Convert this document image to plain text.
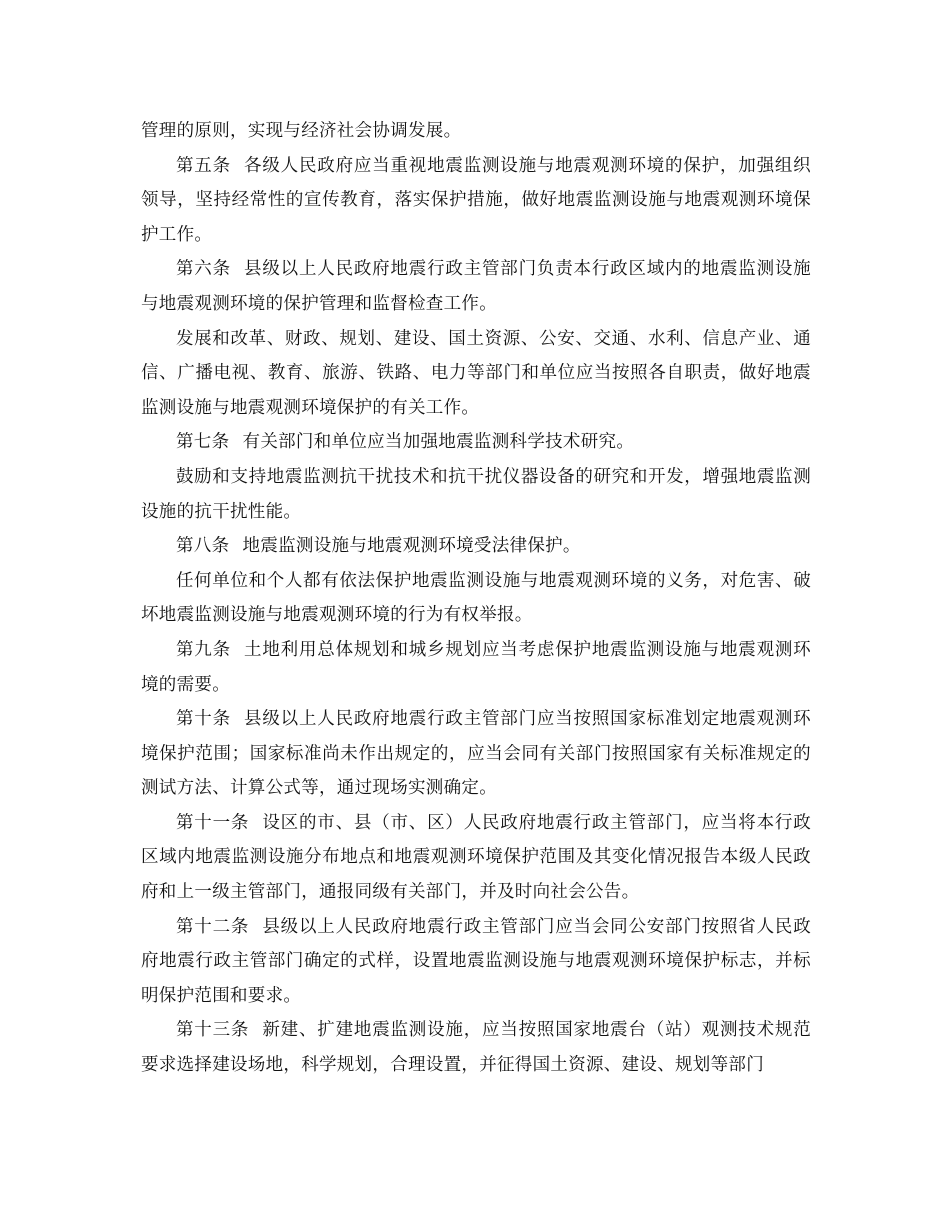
管理的原则，实现与经济社会协调发展。

第五条 各级人民政府应当重视地震监测设施与地震观测环境的保护，加强组织领导，坚持经常性的宣传教育，落实保护措施，做好地震监测设施与地震观测环境保护工作。

第六条 县级以上人民政府地震行政主管部门负责本行政区域内的地震监测设施与地震观测环境的保护管理和监督检查工作。

发展和改革、财政、规划、建设、国土资源、公安、交通、水利、信息产业、通信、广播电视、教育、旅游、铁路、电力等部门和单位应当按照各自职责，做好地震监测设施与地震观测环境保护的有关工作。

第七条 有关部门和单位应当加强地震监测科学技术研究。

鼓励和支持地震监测抗干扰技术和抗干扰仪器设备的研究和开发，增强地震监测设施的抗干扰性能。

第八条 地震监测设施与地震观测环境受法律保护。

任何单位和个人都有依法保护地震监测设施与地震观测环境的义务，对危害、破坏地震监测设施与地震观测环境的行为有权举报。

第九条 土地利用总体规划和城乡规划应当考虑保护地震监测设施与地震观测环境的需要。

第十条 县级以上人民政府地震行政主管部门应当按照国家标准划定地震观测环境保护范围；国家标准尚未作出规定的，应当会同有关部门按照国家有关标准规定的测试方法、计算公式等，通过现场实测确定。

第十一条 设区的市、县（市、区）人民政府地震行政主管部门，应当将本行政区域内地震监测设施分布地点和地震观测环境保护范围及其变化情况报告本级人民政府和上一级主管部门，通报同级有关部门，并及时向社会公告。

第十二条 县级以上人民政府地震行政主管部门应当会同公安部门按照省人民政府地震行政主管部门确定的式样，设置地震监测设施与地震观测环境保护标志，并标明保护范围和要求。

第十三条 新建、扩建地震监测设施，应当按照国家地震台（站）观测技术规范要求选择建设场地，科学规划，合理设置，并征得国土资源、建设、规划等部门
